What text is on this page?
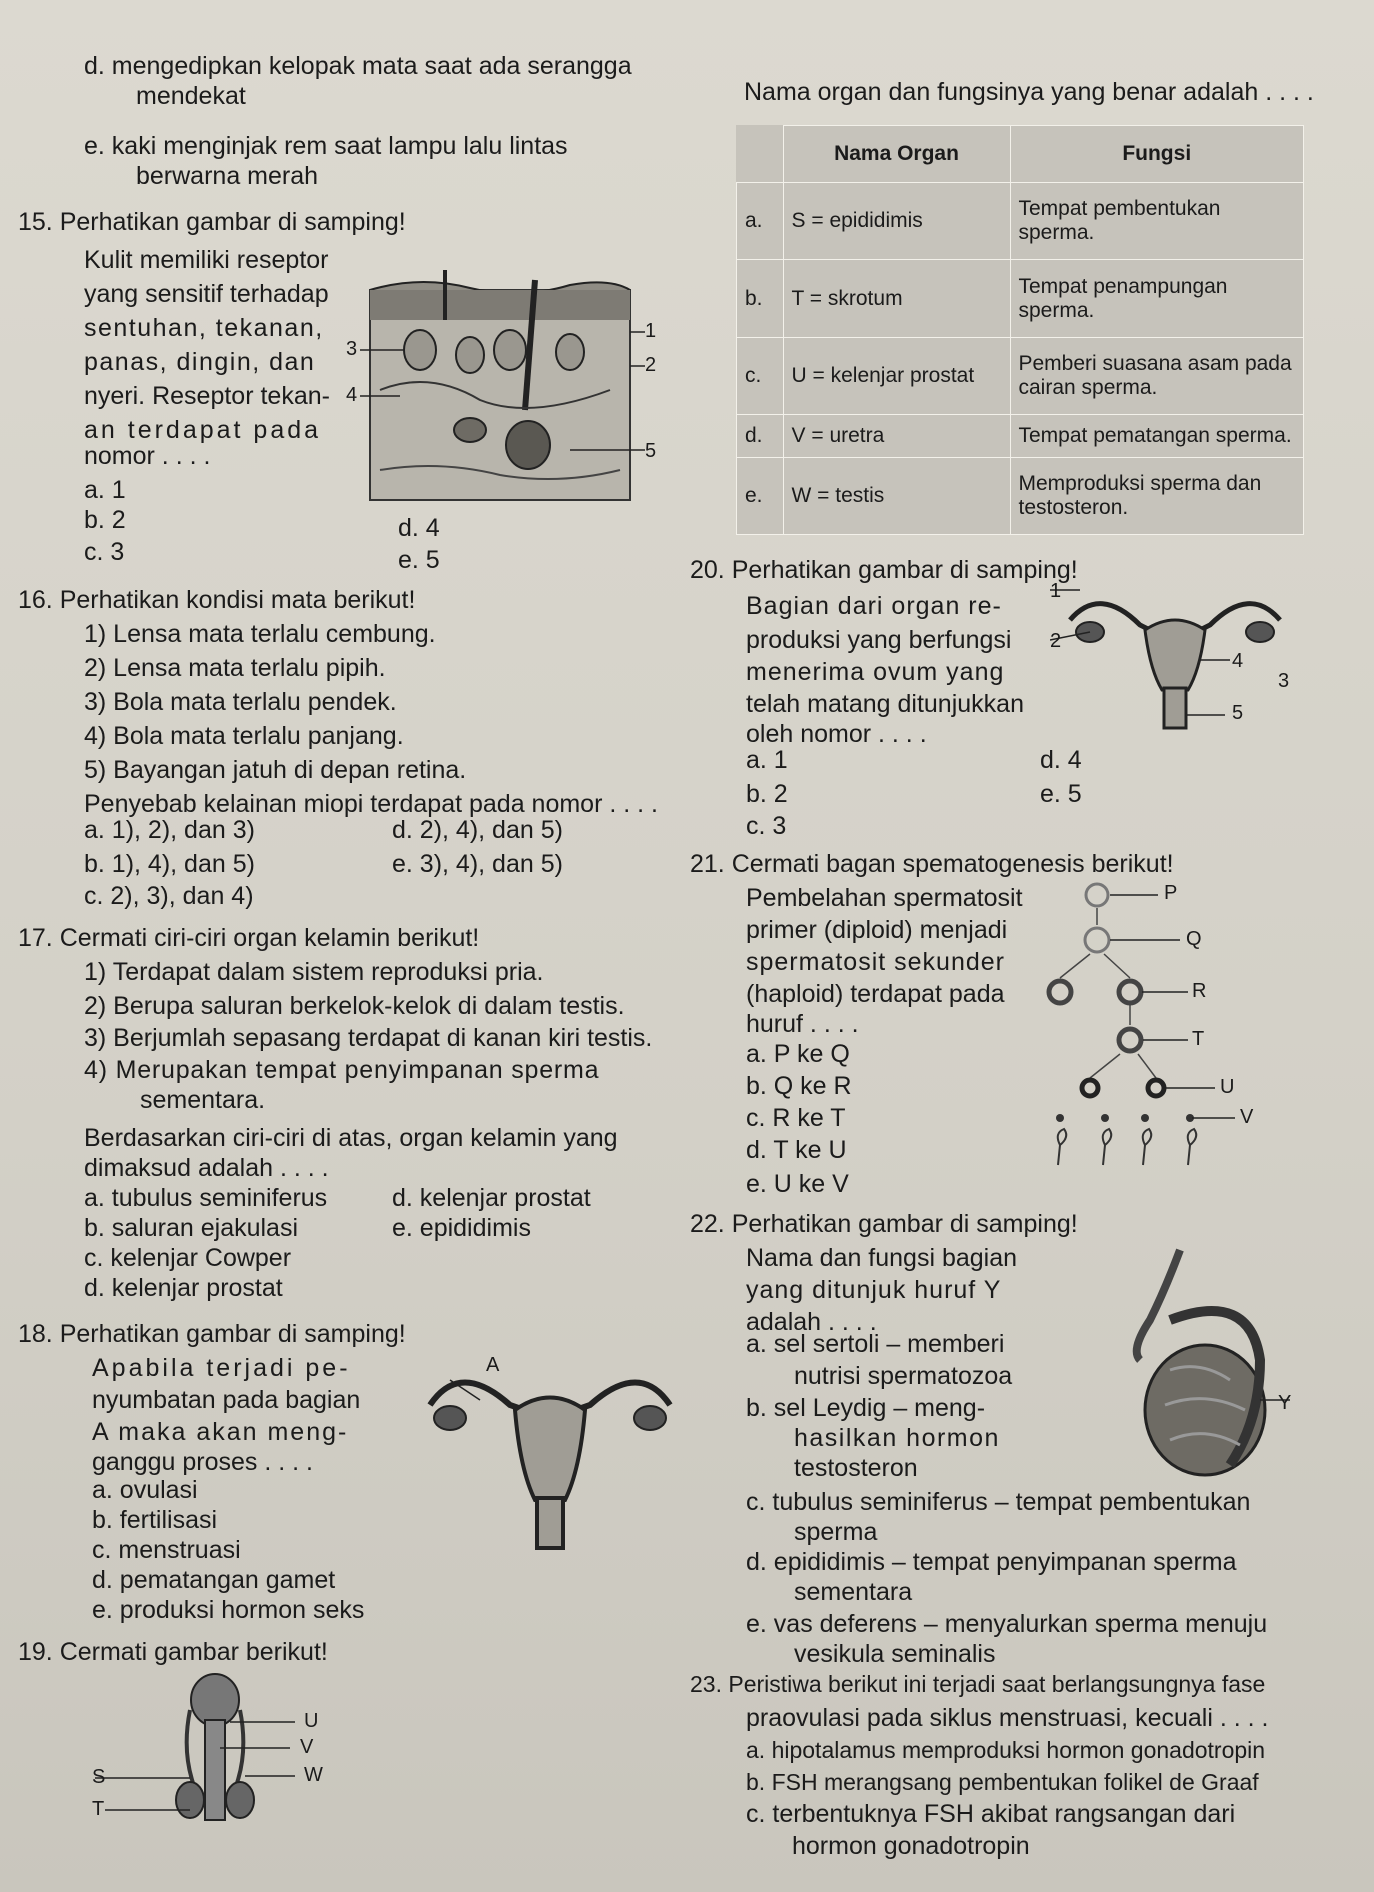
d. mengedipkan kelopak mata saat ada serangga
mendekat
e. kaki menginjak rem saat lampu lalu lintas
berwarna merah
Nama organ dan fungsinya yang benar adalah . . . .
	Nama Organ	Fungsi
a.	S = epididimis	Tempat pembentukan sperma.
b.	T = skrotum	Tempat penampungan sperma.
c.	U = kelenjar prostat	Pemberi suasana asam pada cairan sperma.
d.	V = uretra	Tempat pematangan sperma.
e.	W = testis	Memproduksi sperma dan testosteron.
15. Perhatikan gambar di samping!
Kulit memiliki reseptor
yang sensitif terhadap
sentuhan, tekanan,
panas, dingin, dan
nyeri. Reseptor tekan-
an terdapat pada
nomor . . . .
a. 1
b. 2
c. 3
d. 4
e. 5
1
2
3
4
5
20. Perhatikan gambar di samping!
Bagian dari organ re-
produksi yang berfungsi
menerima ovum yang
telah matang ditunjukkan
oleh nomor . . . .
a. 1
b. 2
c. 3
d. 4
e. 5
1
2
3
4
5
16. Perhatikan kondisi mata berikut!
1) Lensa mata terlalu cembung.
2) Lensa mata terlalu pipih.
3) Bola mata terlalu pendek.
4) Bola mata terlalu panjang.
5) Bayangan jatuh di depan retina.
Penyebab kelainan miopi terdapat pada nomor . . . .
a. 1), 2), dan 3)
b. 1), 4), dan 5)
c. 2), 3), dan 4)
d. 2), 4), dan 5)
e. 3), 4), dan 5)	21. Cermati bagan spematogenesis berikut!
Pembelahan spermatosit
primer (diploid) menjadi
spermatosit sekunder
(haploid) terdapat pada
huruf . . . .
a. P ke Q
b. Q ke R
c. R ke T
d. T ke U
e. U ke V
P
Q
R
T
U
V
17. Cermati ciri-ciri organ kelamin berikut!
1) Terdapat dalam sistem reproduksi pria.
2) Berupa saluran berkelok-kelok di dalam testis.
3) Berjumlah sepasang terdapat di kanan kiri testis.
4) Merupakan tempat penyimpanan sperma
sementara.
Berdasarkan ciri-ciri di atas, organ kelamin yang
dimaksud adalah . . . .
a. tubulus seminiferus
b. saluran ejakulasi
c. kelenjar Cowper
d. kelenjar prostat
d. kelenjar prostat
e. epididimis	22. Perhatikan gambar di samping!
Nama dan fungsi bagian
yang ditunjuk huruf Y
adalah . . . .
a. sel sertoli – memberi
nutrisi spermatozoa
b. sel Leydig – meng-
hasilkan hormon
testosteron
c. tubulus seminiferus – tempat pembentukan
sperma
d. epididimis – tempat penyimpanan sperma
sementara
e. vas deferens – menyalurkan sperma menuju
vesikula seminalis
Y
18. Perhatikan gambar di samping!
Apabila terjadi pe-
nyumbatan pada bagian
A maka akan meng-
ganggu proses . . . .
a. ovulasi
b. fertilisasi
c. menstruasi
d. pematangan gamet
e. produksi hormon seks
A
19. Cermati gambar berikut!
U
V
W
S
T
23. Peristiwa berikut ini terjadi saat berlangsungnya fase
praovulasi pada siklus menstruasi, kecuali . . . .
a. hipotalamus memproduksi hormon gonadotropin
b. FSH merangsang pembentukan folikel de Graaf
c. terbentuknya FSH akibat rangsangan dari
hormon gonadotropin
